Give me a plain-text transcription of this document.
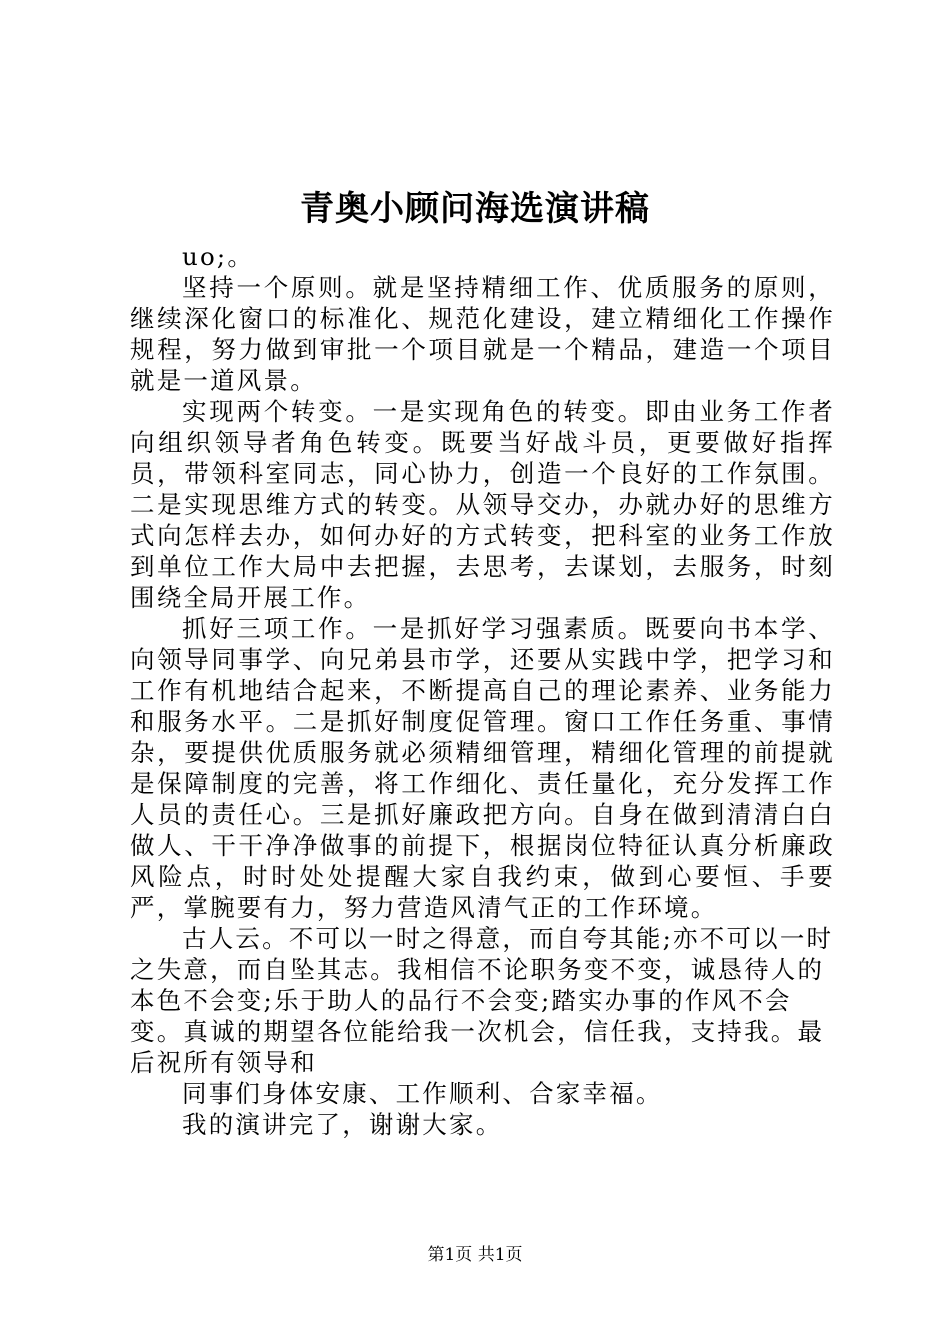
青奥小顾问海选演讲稿

uo;。

坚持一个原则。就是坚持精细工作、优质服务的原则，继续深化窗口的标准化、规范化建设，建立精细化工作操作规程，努力做到审批一个项目就是一个精品，建造一个项目就是一道风景。

实现两个转变。一是实现角色的转变。即由业务工作者向组织领导者角色转变。既要当好战斗员，更要做好指挥员，带领科室同志，同心协力，创造一个良好的工作氛围。二是实现思维方式的转变。从领导交办，办就办好的思维方式向怎样去办，如何办好的方式转变，把科室的业务工作放到单位工作大局中去把握，去思考，去谋划，去服务，时刻围绕全局开展工作。

抓好三项工作。一是抓好学习强素质。既要向书本学、向领导同事学、向兄弟县市学，还要从实践中学，把学习和工作有机地结合起来，不断提高自己的理论素养、业务能力和服务水平。二是抓好制度促管理。窗口工作任务重、事情杂，要提供优质服务就必须精细管理，精细化管理的前提就是保障制度的完善，将工作细化、责任量化，充分发挥工作人员的责任心。三是抓好廉政把方向。自身在做到清清白白做人、干干净净做事的前提下，根据岗位特征认真分析廉政风险点，时时处处提醒大家自我约束，做到心要恒、手要严，掌腕要有力，努力营造风清气正的工作环境。

古人云。不可以一时之得意，而自夸其能;亦不可以一时之失意，而自坠其志。我相信不论职务变不变，诚恳待人的本色不会变;乐于助人的品行不会变;踏实办事的作风不会变。真诚的期望各位能给我一次机会，信任我，支持我。最后祝所有领导和

同事们身体安康、工作顺利、合家幸福。

我的演讲完了，谢谢大家。

第1页 共1页
